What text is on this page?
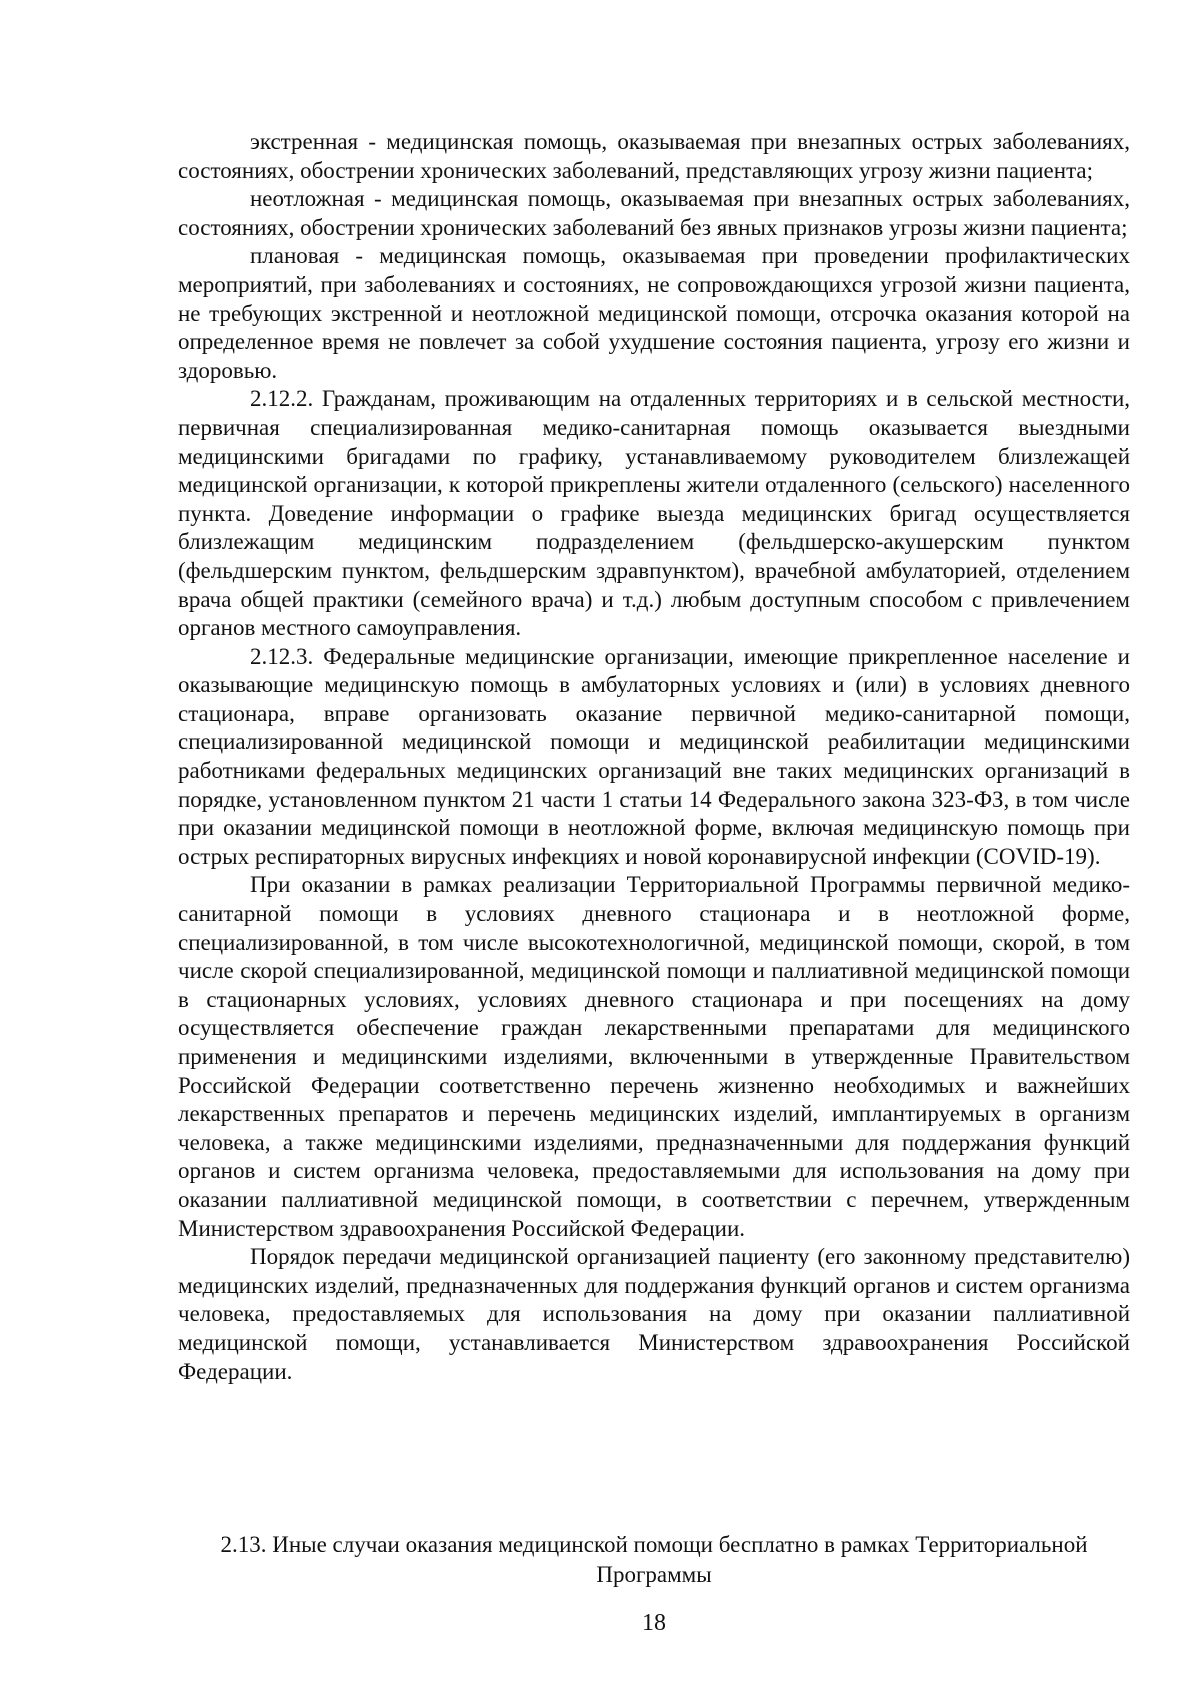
экстренная - медицинская помощь, оказываемая при внезапных острых заболеваниях, состояниях, обострении хронических заболеваний, представляющих угрозу жизни пациента;

неотложная - медицинская помощь, оказываемая при внезапных острых заболеваниях, состояниях, обострении хронических заболеваний без явных признаков угрозы жизни пациента;

плановая - медицинская помощь, оказываемая при проведении профилактических мероприятий, при заболеваниях и состояниях, не сопровождающихся угрозой жизни пациента, не требующих экстренной и неотложной медицинской помощи, отсрочка оказания которой на определенное время не повлечет за собой ухудшение состояния пациента, угрозу его жизни и здоровью.

2.12.2. Гражданам, проживающим на отдаленных территориях и в сельской местности, первичная специализированная медико-санитарная помощь оказывается выездными медицинскими бригадами по графику, устанавливаемому руководителем близлежащей медицинской организации, к которой прикреплены жители отдаленного (сельского) населенного пункта. Доведение информации о графике выезда медицинских бригад осуществляется близлежащим медицинским подразделением (фельдшерско-акушерским пунктом (фельдшерским пунктом, фельдшерским здравпунктом), врачебной амбулаторией, отделением врача общей практики (семейного врача) и т.д.) любым доступным способом с привлечением органов местного самоуправления.

2.12.3. Федеральные медицинские организации, имеющие прикрепленное население и оказывающие медицинскую помощь в амбулаторных условиях и (или) в условиях дневного стационара, вправе организовать оказание первичной медико-санитарной помощи, специализированной медицинской помощи и медицинской реабилитации медицинскими работниками федеральных медицинских организаций вне таких медицинских организаций в порядке, установленном пунктом 21 части 1 статьи 14 Федерального закона 323-ФЗ, в том числе при оказании медицинской помощи в неотложной форме, включая медицинскую помощь при острых респираторных вирусных инфекциях и новой коронавирусной инфекции (COVID-19).

При оказании в рамках реализации Территориальной Программы первичной медико-санитарной помощи в условиях дневного стационара и в неотложной форме, специализированной, в том числе высокотехнологичной, медицинской помощи, скорой, в том числе скорой специализированной, медицинской помощи и паллиативной медицинской помощи в стационарных условиях, условиях дневного стационара и при посещениях на дому осуществляется обеспечение граждан лекарственными препаратами для медицинского применения и медицинскими изделиями, включенными в утвержденные Правительством Российской Федерации соответственно перечень жизненно необходимых и важнейших лекарственных препаратов и перечень медицинских изделий, имплантируемых в организм человека, а также медицинскими изделиями, предназначенными для поддержания функций органов и систем организма человека, предоставляемыми для использования на дому при оказании паллиативной медицинской помощи, в соответствии с перечнем, утвержденным Министерством здравоохранения Российской Федерации.

Порядок передачи медицинской организацией пациенту (его законному представителю) медицинских изделий, предназначенных для поддержания функций органов и систем организма человека, предоставляемых для использования на дому при оказании паллиативной медицинской помощи, устанавливается Министерством здравоохранения Российской Федерации.

2.13. Иные случаи оказания медицинской помощи бесплатно в рамках Территориальной Программы
18
